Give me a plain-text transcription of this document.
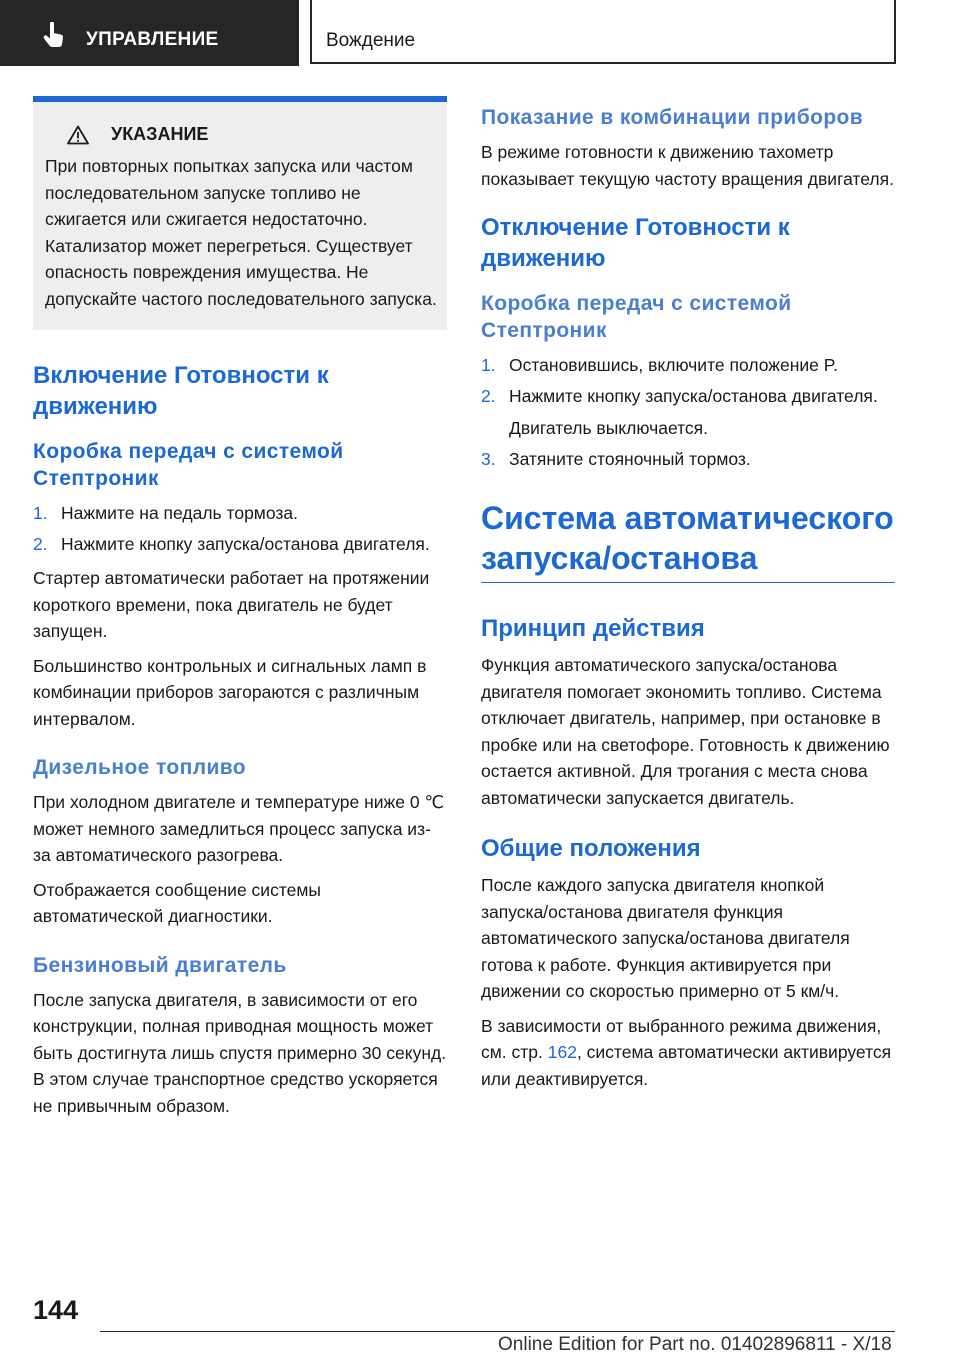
УПРАВЛЕНИЕ	Вождение
УКАЗАНИЕ
При повторных попытках запуска или частом последовательном запуске топливо не сжигается или сжигается недостаточно. Катализатор может перегреться. Существует опасность повреждения имущества. Не допускайте частого последовательного запуска.
Включение Готовности к движению
Коробка передач с системой Стептроник
1. Нажмите на педаль тормоза.
2. Нажмите кнопку запуска/останова двигателя.

Стартер автоматически работает на протяжении короткого времени, пока двигатель не будет запущен.

Большинство контрольных и сигнальных ламп в комбинации приборов загораются с различным интервалом.

Дизельное топливо

При холодном двигателе и температуре ниже 0 ℃ может немного замедлиться процесс запуска из-за автоматического разогрева.

Отображается сообщение системы автоматической диагностики.

Бензиновый двигатель

После запуска двигателя, в зависимости от его конструкции, полная приводная мощность может быть достигнута лишь спустя примерно 30 секунд. В этом случае транспортное средство ускоряется не привычным образом.

Показание в комбинации приборов

В режиме готовности к движению тахометр показывает текущую частоту вращения двигателя.

Отключение Готовности к движению
Коробка передач с системой Стептроник
1. Остановившись, включите положение P.
2. Нажмите кнопку запуска/останова двигателя.
Двигатель выключается.
3. Затяните стояночный тормоз.
Система автоматического запуска/останова
Принцип действия

Функция автоматического запуска/останова двигателя помогает экономить топливо. Система отключает двигатель, например, при остановке в пробке или на светофоре. Готовность к движению остается активной. Для трогания с места снова автоматически запускается двигатель.

Общие положения

После каждого запуска двигателя кнопкой запуска/останова двигателя функция автоматического запуска/останова двигателя готова к работе. Функция активируется при движении со скоростью примерно от 5 км/ч.

В зависимости от выбранного режима движения, см. стр. 162, система автоматически активируется или деактивируется.

144
Online Edition for Part no. 01402896811 - X/18
